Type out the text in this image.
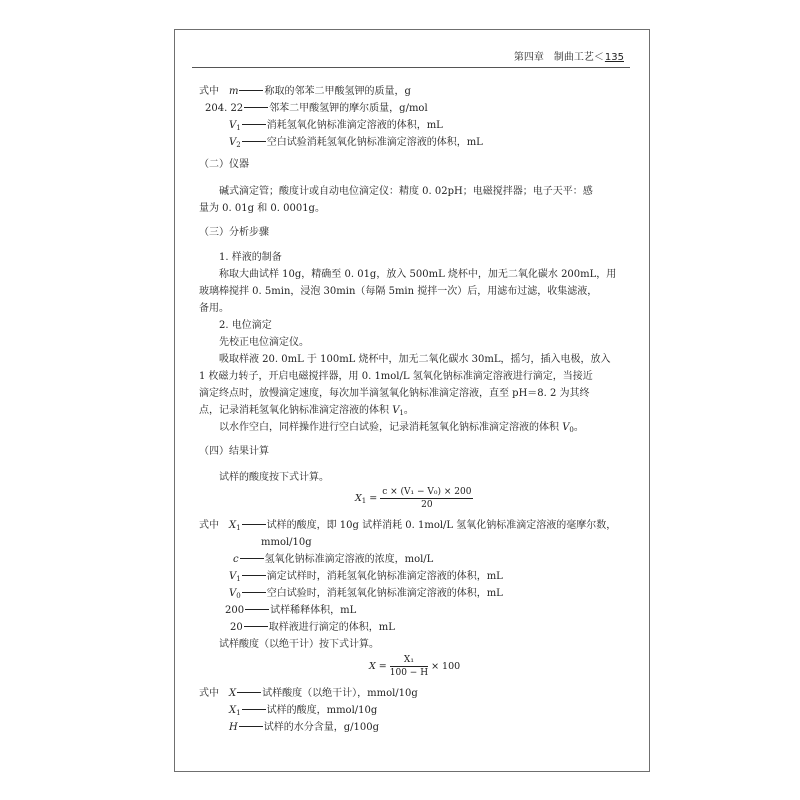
第四章　制曲工艺＜135
式中　m	称取的邻苯二甲酸氢钾的质量，g
204. 22	邻苯二甲酸氢钾的摩尔质量，g/mol
$V_1$	消耗氢氧化钠标准滴定溶液的体积，mL
$V_2$	空白试验消耗氢氧化钠标准滴定溶液的体积，mL
（二）仪器
碱式滴定管；酸度计或自动电位滴定仪：精度 0. 02pH；电磁搅拌器；电子天平：感
量为 0. 01g 和 0. 0001g。
（三）分析步骤
1. 样液的制备
称取大曲试样 10g，精确至 0. 01g，放入 500mL 烧杯中，加无二氧化碳水 200mL，用
玻璃棒搅拌 0. 5min，浸泡 30min（每隔 5min 搅拌一次）后，用滤布过滤，收集滤液，
备用。
2. 电位滴定
先校正电位滴定仪。
吸取样液 20. 0mL 于 100mL 烧杯中，加无二氧化碳水 30mL，摇匀，插入电极，放入
1 枚磁力转子，开启电磁搅拌器，用 0. 1mol/L 氢氧化钠标准滴定溶液进行滴定，当接近
滴定终点时，放慢滴定速度，每次加半滴氢氧化钠标准滴定溶液，直至 pH＝8. 2 为其终
点，记录消耗氢氧化钠标准滴定溶液的体积 $V_1$。
以水作空白，同样操作进行空白试验，记录消耗氢氧化钠标准滴定溶液的体积 $V_0$。
（四）结果计算
试样的酸度按下式计算。
$X_1 = \frac{\text{c × (V₁ − V₀) × 200}}{20}$
式中　$X_1$	试样的酸度，即 10g 试样消耗 0. 1mol/L 氢氧化钠标准滴定溶液的毫摩尔数，
mmol/10g
c	氢氧化钠标准滴定溶液的浓度，mol/L
$V_1$	滴定试样时，消耗氢氧化钠标准滴定溶液的体积，mL
$V_0$	空白试验时，消耗氢氧化钠标准滴定溶液的体积，mL
200	试样稀释体积，mL
20	取样液进行滴定的体积，mL
试样酸度（以绝干计）按下式计算。
$X = \frac{\text{X₁}}{100 - H} \times 100$
式中　X	试样酸度（以绝干计），mmol/10g
$X_1$	试样的酸度，mmol/10g
H	试样的水分含量，g/100g
